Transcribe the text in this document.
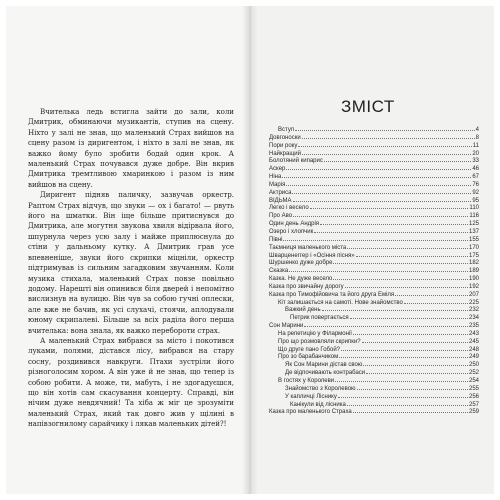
Вчителька ледь встигла зайти до зали, коли Дмитрик, обминаючи музикантів, ступив на сцену. Ніхто у залі не знав, що маленький Страх вийшов на сцену разом із диригентом, і ніхто в залі не знав, як важко йому було зробити бодай один крок. А маленький Страх почувався дуже добре. Він вкрив Дмитрика тремтливою хмаринкою і разом із ним вийшов на сцену.

Диригент підняв паличку, зазвучав оркестр. Раптом Страх відчув, що звуки — ох і багато! — рвуть його на шматки. Він іще більше притиснувся до Дмитрика, але могутня звукова хвиля відірвала його, шпурнула через усю залу і майже приплюснула до стіни у дальньому кутку. А Дмитрик грав усе впевненіше, звуки його скрипки міцніли, оркестр підтримував із сильним загадковим звучанням. Коли музика стихала, маленький Страх повзе повільно додому. Нарешті він опинився біля дверей і непомітно вислизнув на вулицю. Він чув за собою гучні оплески, але вже не бачив, як усі слухачі, стоячи, аплодували юному скрипалеві. Більше за всіх раділа його перша вчителька: вона знала, як важко перебороти страх.

А маленький Страх вибрався за місто і покотився луками, полями, дістався лісу, вибрався на стару сосну, роздивився навкруги. Птахи зустріли його різноголосим хором. А він уже й не знав, що тепер із собою робити. А може, ти, мабуть, і не здогадуєшся, що він хотів сам скасування концерту. Справді, він нічим дуже невдячний! Та хіба ж міг це зрозуміти маленький Страх, який так довго жив у щілині в напівзогнилому сарайчику і лякав маленьких дітей?!

ЗМІСТ
Вступ	4
Довгоноски	8
Пори року	11
Найкращий	20
Болотяний кипарис	33
Аскер	46
Ніна	67
Марія	76
Актриса	92
ВІДЬМА	95
Легко і весело	110
Про Аво	116
Один день Андрія	125
Озеро і хлопчик	137
Півні	155
Таємниця маленького міста	170
Шварценеггер і «Осіння пісня»	175
Шуршенко дуже добре	182
Сказка	189
Казка. Не дуже весело	190
Казка про звичайну дорогу	192
Казка про Тимофійовича та його друга Еміля	207
Кіт залишається на самоті. Нове знайомство	225
Важкий день	232
Петрик повертається	234
Сон Марини	235
На репетицію у Філармонії	243
Про що розмовляли скрипки?	245
Що друге пано Гобой?	248
Про зо барабанчиком	249
Як Сон Марини дістав свою	250
Де відпочивають контрабаси	252
В гостях у Королеви	254
Знайомство з Королевою	255
У капличці Ліснику	256
Канікули від лісника	257
Казка про маленького Страха	259
